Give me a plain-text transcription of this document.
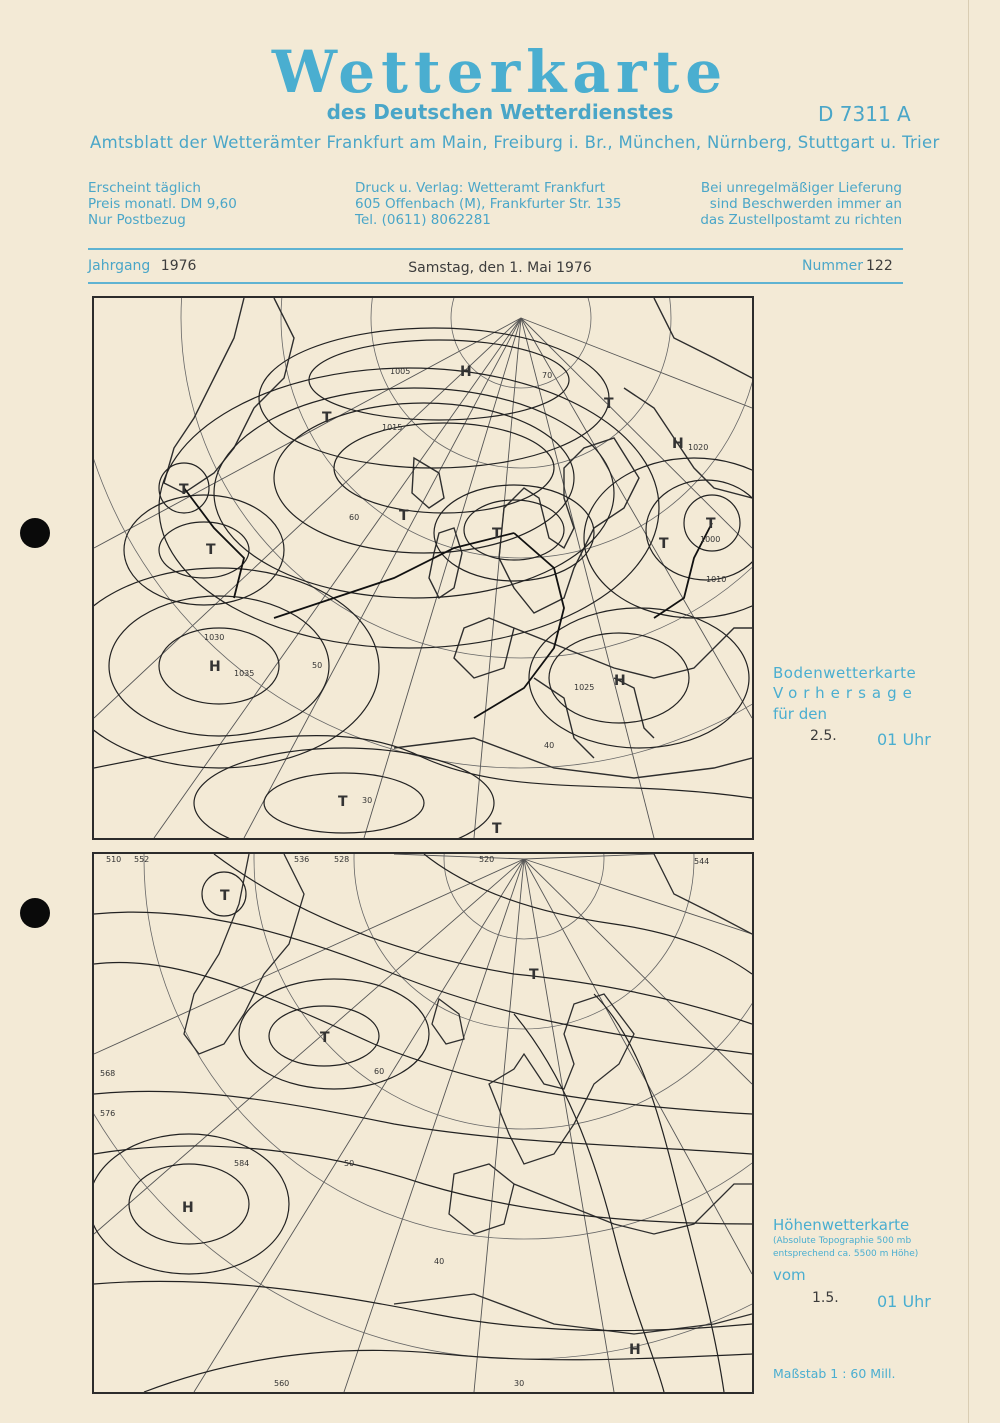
Wetterkarte
des Deutschen Wetterdienstes	D 7311 A
Amtsblatt der Wetterämter Frankfurt am Main, Freiburg i. Br., München, Nürnberg, Stuttgart u. Trier
Erscheint täglich
Preis monatl. DM 9,60
Nur Postbezug
Druck u. Verlag: Wetteramt Frankfurt
605 Offenbach (M), Frankfurter Str. 135
Tel. (0611) 8062281
Bei unregelmäßiger Lieferung
sind Beschwerden immer an
das Zustellpostamt zu richten
Jahrgang 1976	Samstag, den 1. Mai 1976	Nummer 122
H
H
H
H
T
T
T
T
T
T
T
T
T
T
1005
1015
1020
1010
1030
1025
1000
1035
70
60
50
40
30
Bodenwetterkarte
Vorhersage
für den
2.5.	01 Uhr
H
H
T
T
T
510 552	536	528	520	544
568
576
584
560
50
60
40
30
Höhenwetterkarte
(Absolute Topographie 500 mb
entsprechend ca. 5500 m Höhe)
vom
1.5. 01 Uhr
Maßstab 1 : 60 Mill.
